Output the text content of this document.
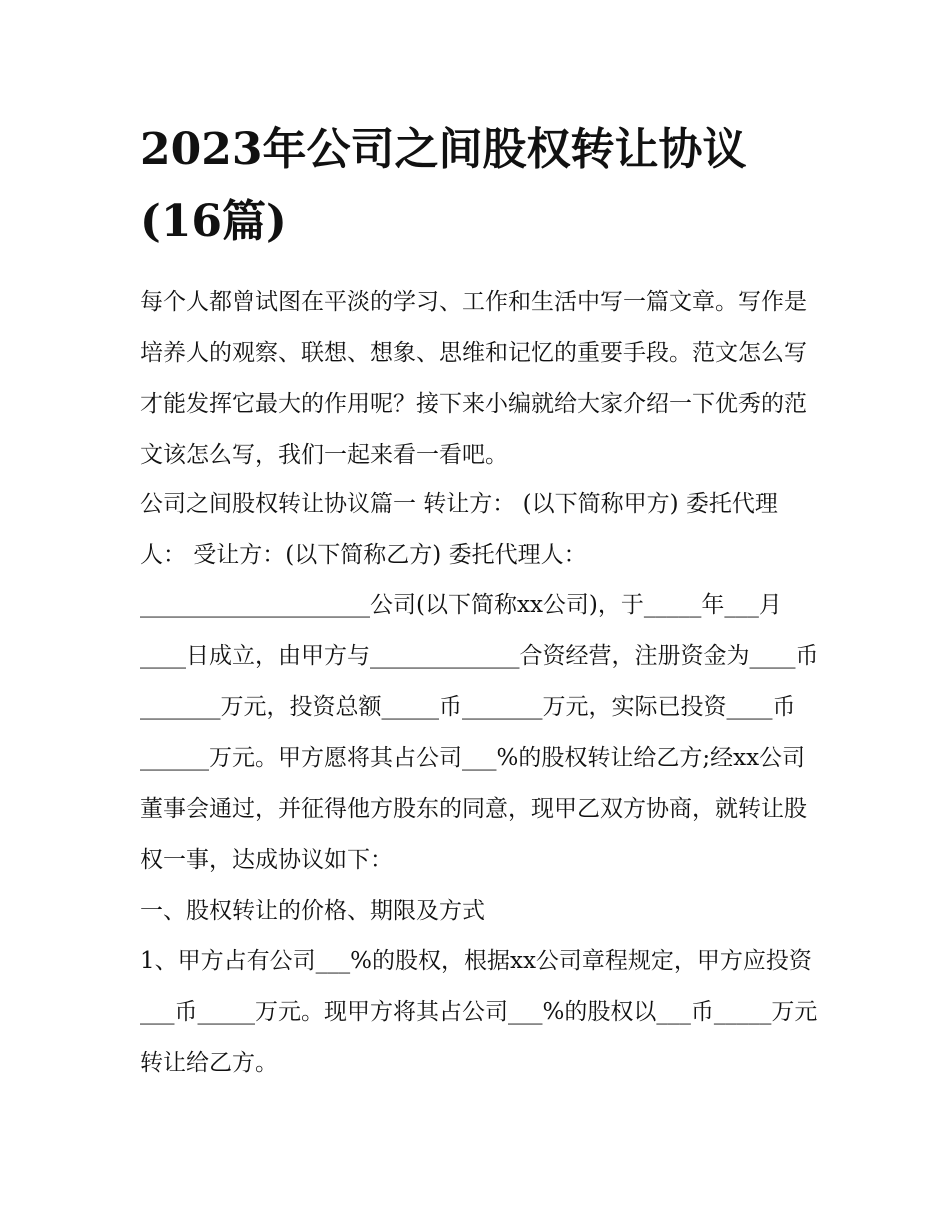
2023年公司之间股权转让协议(16篇)

每个人都曾试图在平淡的学习、工作和生活中写一篇文章。写作是培养人的观察、联想、想象、思维和记忆的重要手段。范文怎么写才能发挥它最大的作用呢？接下来小编就给大家介绍一下优秀的范文该怎么写，我们一起来看一看吧。

公司之间股权转让协议篇一 转让方： (以下简称甲方) 委托代理人： 受让方：(以下简称乙方) 委托代理人：

____________________公司(以下简称xx公司)，于_____年___月____日成立，由甲方与_____________合资经营，注册资金为____币_______万元，投资总额_____币_______万元，实际已投资____币______万元。甲方愿将其占公司___%的股权转让给乙方;经xx公司董事会通过，并征得他方股东的同意，现甲乙双方协商，就转让股权一事，达成协议如下：

一、股权转让的价格、期限及方式

1、甲方占有公司___%的股权，根据xx公司章程规定，甲方应投资___币_____万元。现甲方将其占公司___%的股权以___币_____万元转让给乙方。
